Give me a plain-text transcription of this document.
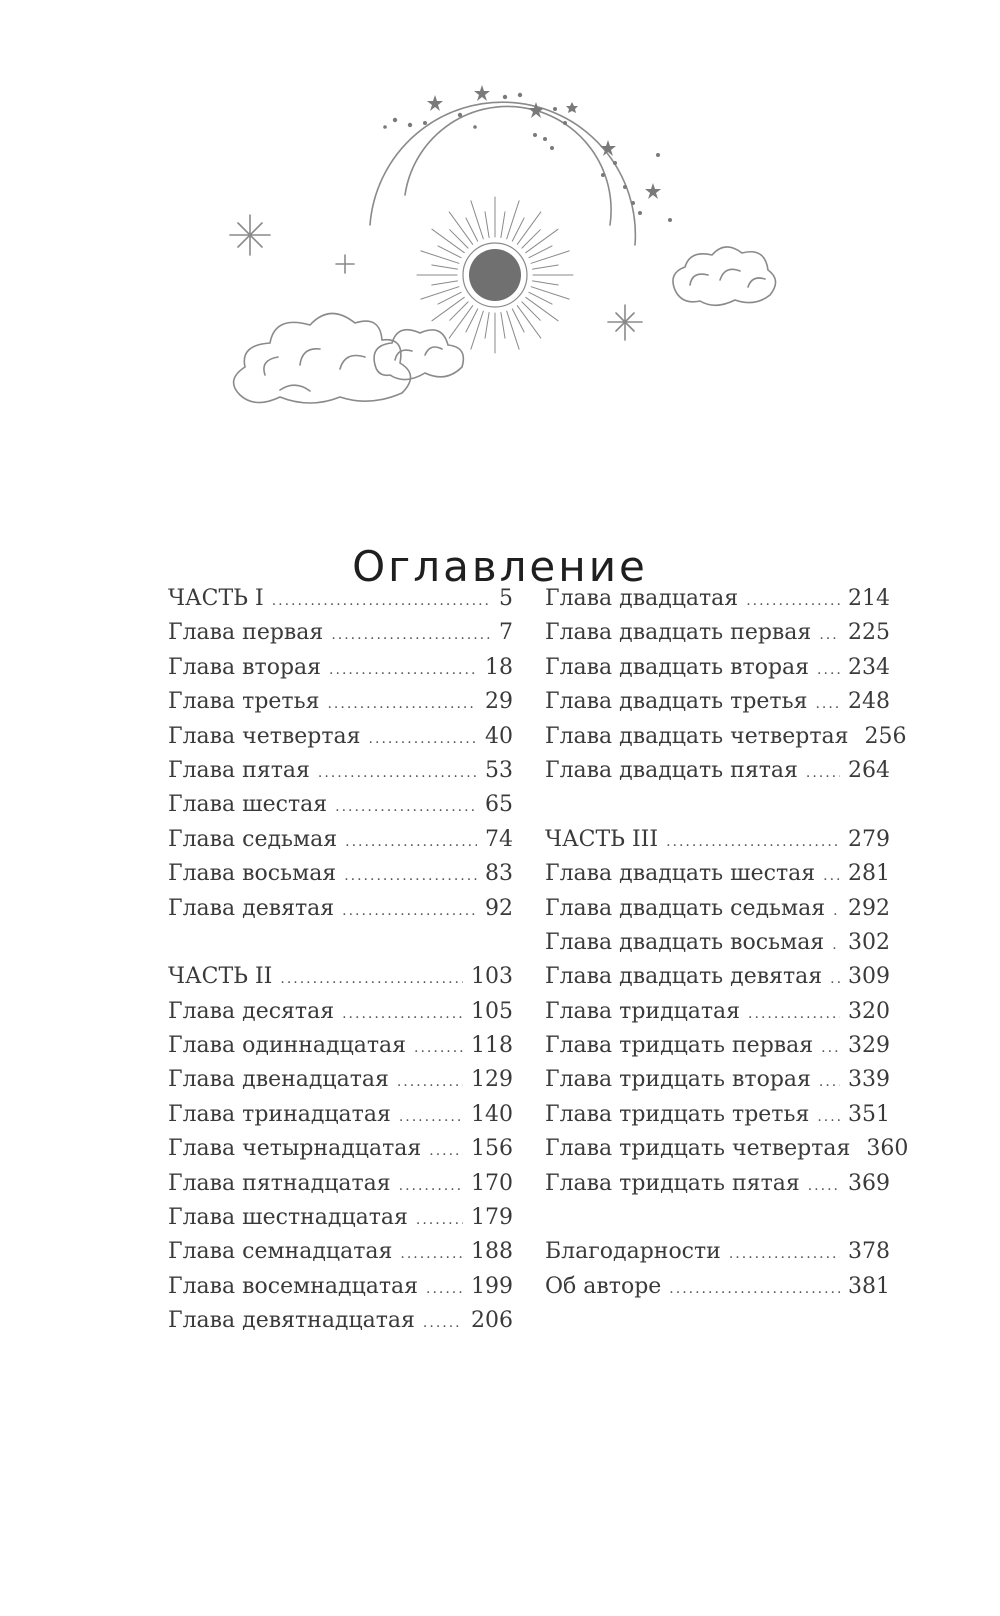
Оглавление
ЧАСТЬ I .....	5
Глава первая .....	7
Глава вторая .....	18
Глава третья .....	29
Глава четвертая .....	40
Глава пятая .....	53
Глава шестая .....	65
Глава седьмая .....	74
Глава восьмая .....	83
Глава девятая .....	92
ЧАСТЬ II .....	103
Глава десятая .....	105
Глава одиннадцатая .....	118
Глава двенадцатая .....	129
Глава тринадцатая .....	140
Глава четырнадцатая ..... 156
Глава пятнадцатая .....	170
Глава шестнадцатая .....	179
Глава семнадцатая .....	188
Глава восемнадцатая ..... 199
Глава девятнадцатая .....	206
Глава двадцатая .....	214
Глава двадцать первая ..... 225
Глава двадцать вторая ..... 234
Глава двадцать третья ..... 248
Глава двадцать четвертая 256
Глава двадцать пятая ..... 264
ЧАСТЬ III .....	279
Глава двадцать шестая ..... 281
Глава двадцать седьмая ..... 292
Глава двадцать восьмая ..... 302
Глава двадцать девятая ..... 309
Глава тридцатая .....	320
Глава тридцать первая ..... 329
Глава тридцать вторая ..... 339
Глава тридцать третья ..... 351
Глава тридцать четвертая 360
Глава тридцать пятая ..... 369
Благодарности .....	378
Об авторе .....	381
